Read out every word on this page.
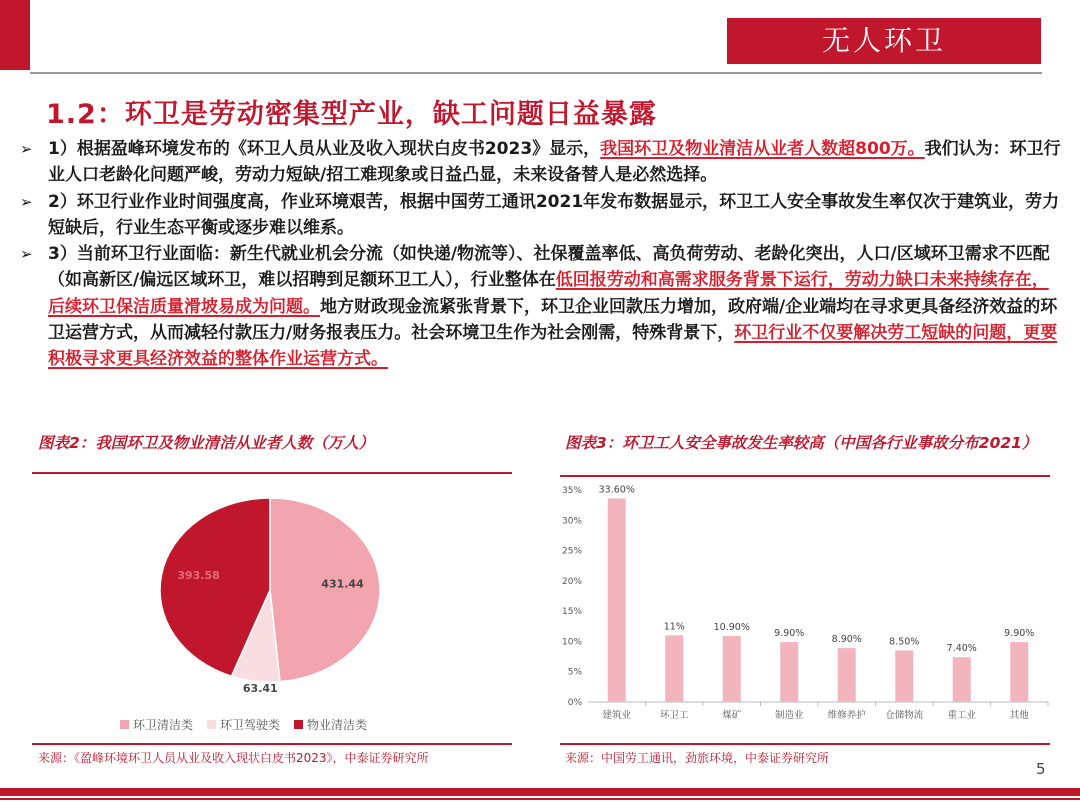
无人环卫
1.2：环卫是劳动密集型产业，缺工问题日益暴露
➢ 1）根据盈峰环境发布的《环卫人员从业及收入现状白皮书2023》显示，我国环卫及物业清洁从业者人数超800万。我们认为：环卫行业人口老龄化问题严峻，劳动力短缺/招工难现象或日益凸显，未来设备替人是必然选择。
➢ 2）环卫行业作业时间强度高，作业环境艰苦，根据中国劳工通讯2021年发布数据显示，环卫工人安全事故发生率仅次于建筑业，劳力短缺后，行业生态平衡或逐步难以维系。
➢ 3）当前环卫行业面临：新生代就业机会分流（如快递/物流等）、社保覆盖率低、高负荷劳动、老龄化突出，人口/区域环卫需求不匹配（如高新区/偏远区域环卫，难以招聘到足额环卫工人），行业整体在低回报劳动和高需求服务背景下运行，劳动力缺口未来持续存在，后续环卫保洁质量滑坡易成为问题。地方财政现金流紧张背景下，环卫企业回款压力增加，政府端/企业端均在寻求更具备经济效益的环卫运营方式，从而减轻付款压力/财务报表压力。社会环境卫生作为社会刚需，特殊背景下，环卫行业不仅要解决劳工短缺的问题，更要积极寻求更具经济效益的整体作业运营方式。
图表2：我国环卫及物业清洁从业者人数（万人）
431.44
63.41
393.58
环卫清洁类 环卫驾驶类 物业清洁类
来源：《盈峰环境环卫人员从业及收入现状白皮书2023》，中泰证券研究所
图表3：环卫工人安全事故发生率较高（中国各行业事故分布2021）
0%
5%
10%
15%
20%
25%
30%
35% 33.60%
建筑业
11%
环卫工
10.90%
煤矿
9.90%
制造业
8.90%
维修养护
8.50%
仓储物流
7.40%
重工业
9.90%
其他
来源：中国劳工通讯，劲旅环境，中泰证券研究所
5
